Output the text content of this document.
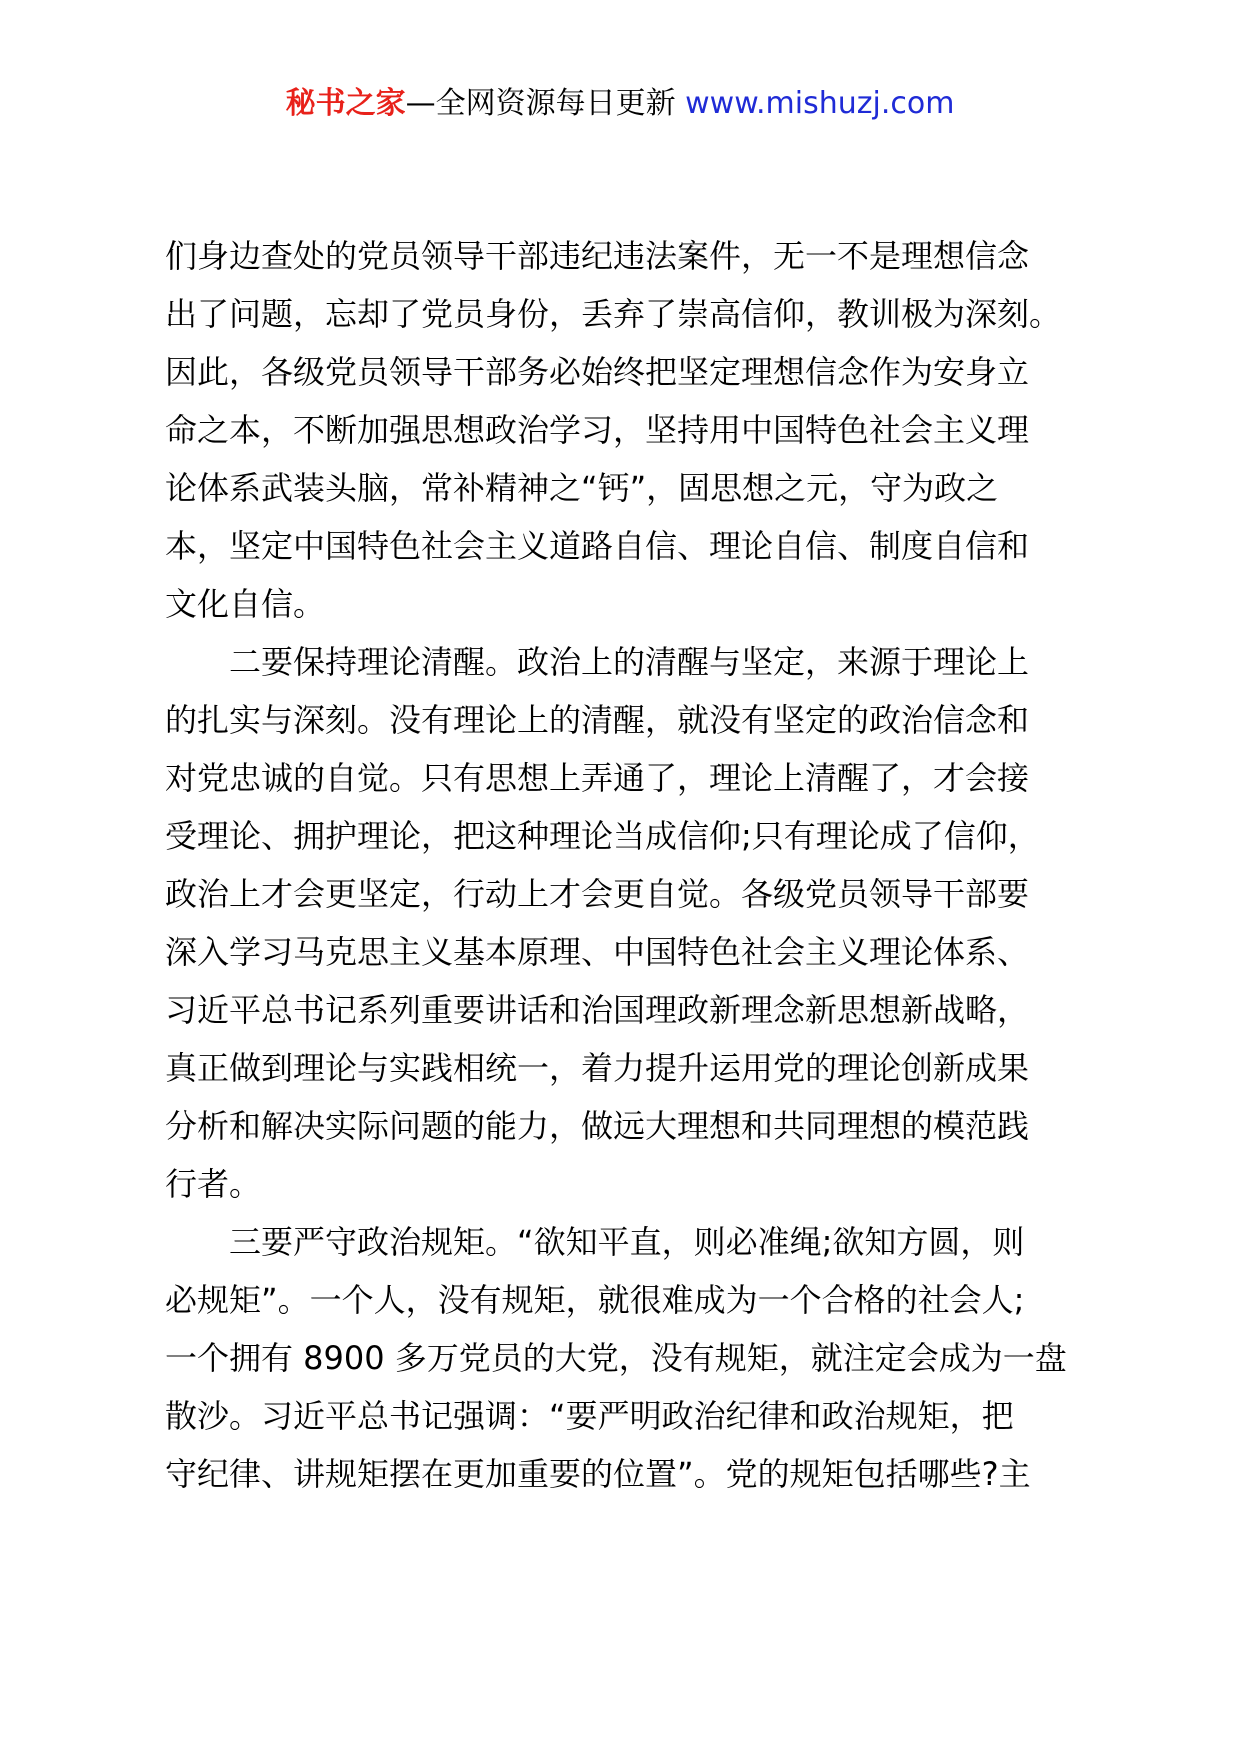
秘书之家—全网资源每日更新 www.mishuzj.com
们身边查处的党员领导干部违纪违法案件，无一不是理想信念
出了问题，忘却了党员身份，丢弃了崇高信仰，教训极为深刻。
因此，各级党员领导干部务必始终把坚定理想信念作为安身立
命之本，不断加强思想政治学习，坚持用中国特色社会主义理
论体系武装头脑，常补精神之“钙”，固思想之元，守为政之
本，坚定中国特色社会主义道路自信、理论自信、制度自信和
文化自信。
二要保持理论清醒。政治上的清醒与坚定，来源于理论上
的扎实与深刻。没有理论上的清醒，就没有坚定的政治信念和
对党忠诚的自觉。只有思想上弄通了，理论上清醒了，才会接
受理论、拥护理论，把这种理论当成信仰;只有理论成了信仰，
政治上才会更坚定，行动上才会更自觉。各级党员领导干部要
深入学习马克思主义基本原理、中国特色社会主义理论体系、
习近平总书记系列重要讲话和治国理政新理念新思想新战略，
真正做到理论与实践相统一，着力提升运用党的理论创新成果
分析和解决实际问题的能力，做远大理想和共同理想的模范践
行者。
三要严守政治规矩。“欲知平直，则必准绳;欲知方圆，则
必规矩”。一个人，没有规矩，就很难成为一个合格的社会人;
一个拥有 8900 多万党员的大党，没有规矩，就注定会成为一盘
散沙。习近平总书记强调：“要严明政治纪律和政治规矩，把
守纪律、讲规矩摆在更加重要的位置”。党的规矩包括哪些?主
